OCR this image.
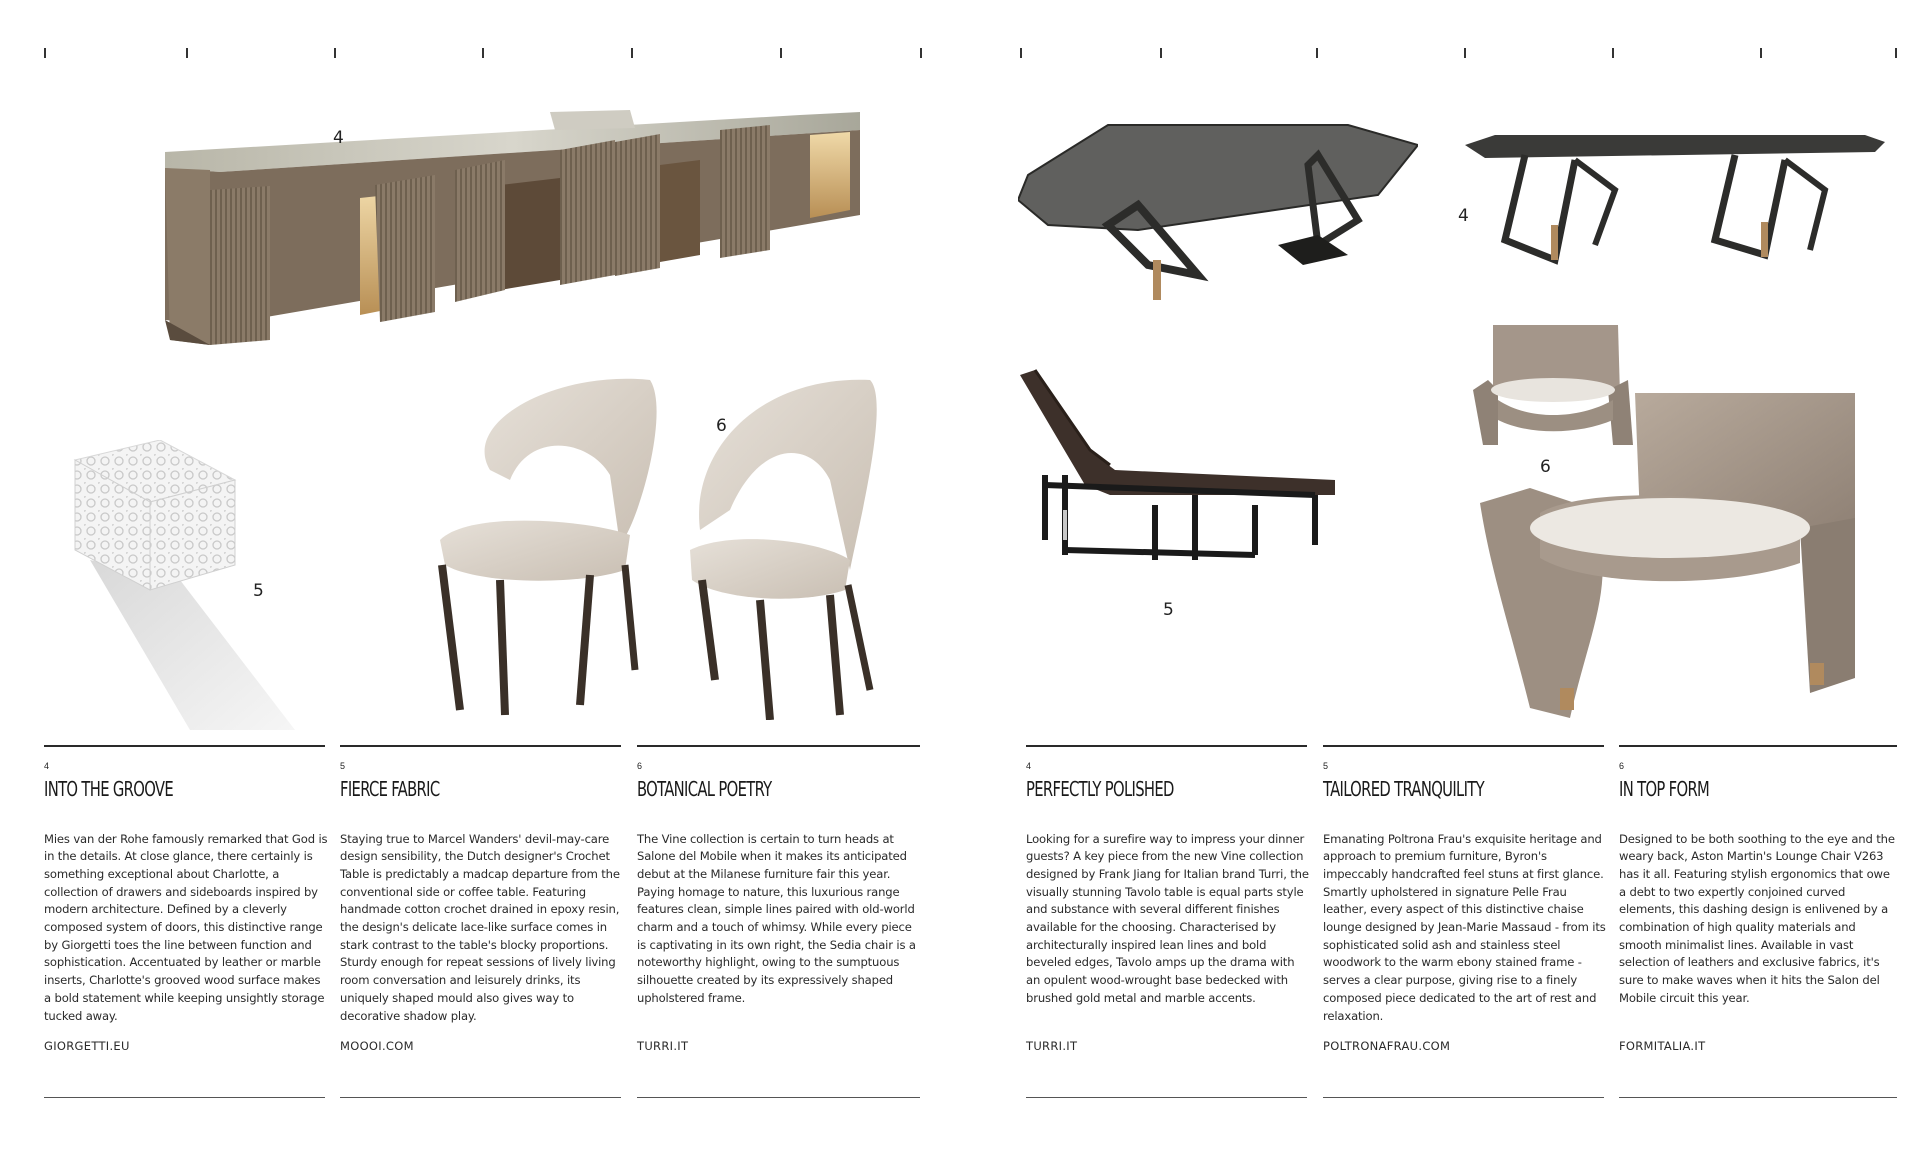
4
5
6
4
INTO THE GROOVE
Mies van der Rohe famously remarked that God is in the details. At close glance, there certainly is something exceptional about Charlotte, a collection of drawers and sideboards inspired by modern architecture. Defined by a cleverly composed system of doors, this distinctive range by Giorgetti toes the line between function and sophistication. Accentuated by leather or marble inserts, Charlotte's grooved wood surface makes a bold statement while keeping unsightly storage tucked away.
GIORGETTI.EU
5
FIERCE FABRIC
Staying true to Marcel Wanders' devil-may-care design sensibility, the Dutch designer's Crochet Table is predictably a madcap departure from the conventional side or coffee table. Featuring handmade cotton crochet drained in epoxy resin, the design's delicate lace-like surface comes in stark contrast to the table's blocky proportions. Sturdy enough for repeat sessions of lively living room conversation and leisurely drinks, its uniquely shaped mould also gives way to decorative shadow play.
MOOOI.COM
6
BOTANICAL POETRY
The Vine collection is certain to turn heads at Salone del Mobile when it makes its anticipated debut at the Milanese furniture fair this year. Paying homage to nature, this luxurious range features clean, simple lines paired with old-world charm and a touch of whimsy. While every piece is captivating in its own right, the Sedia chair is a noteworthy highlight, owing to the sumptuous silhouette created by its expressively shaped upholstered frame.
TURRI.IT
4
5
6
4
PERFECTLY POLISHED
Looking for a surefire way to impress your dinner guests? A key piece from the new Vine collection designed by Frank Jiang for Italian brand Turri, the visually stunning Tavolo table is equal parts style and substance with several different finishes available for the choosing. Characterised by architecturally inspired lean lines and bold beveled edges, Tavolo amps up the drama with an opulent wood-wrought base bedecked with brushed gold metal and marble accents.
TURRI.IT
5
TAILORED TRANQUILITY
Emanating Poltrona Frau's exquisite heritage and approach to premium furniture, Byron's impeccably handcrafted feel stuns at first glance. Smartly upholstered in signature Pelle Frau leather, every aspect of this distinctive chaise lounge designed by Jean-Marie Massaud - from its sophisticated solid ash and stainless steel woodwork to the warm ebony stained frame - serves a clear purpose, giving rise to a finely composed piece dedicated to the art of rest and relaxation.
POLTRONAFRAU.COM
6
IN TOP FORM
Designed to be both soothing to the eye and the weary back, Aston Martin's Lounge Chair V263 has it all. Featuring stylish ergonomics that owe a debt to two expertly conjoined curved elements, this dashing design is enlivened by a combination of high quality materials and smooth minimalist lines. Available in vast selection of leathers and exclusive fabrics, it's sure to make waves when it hits the Salon del Mobile circuit this year.
FORMITALIA.IT
